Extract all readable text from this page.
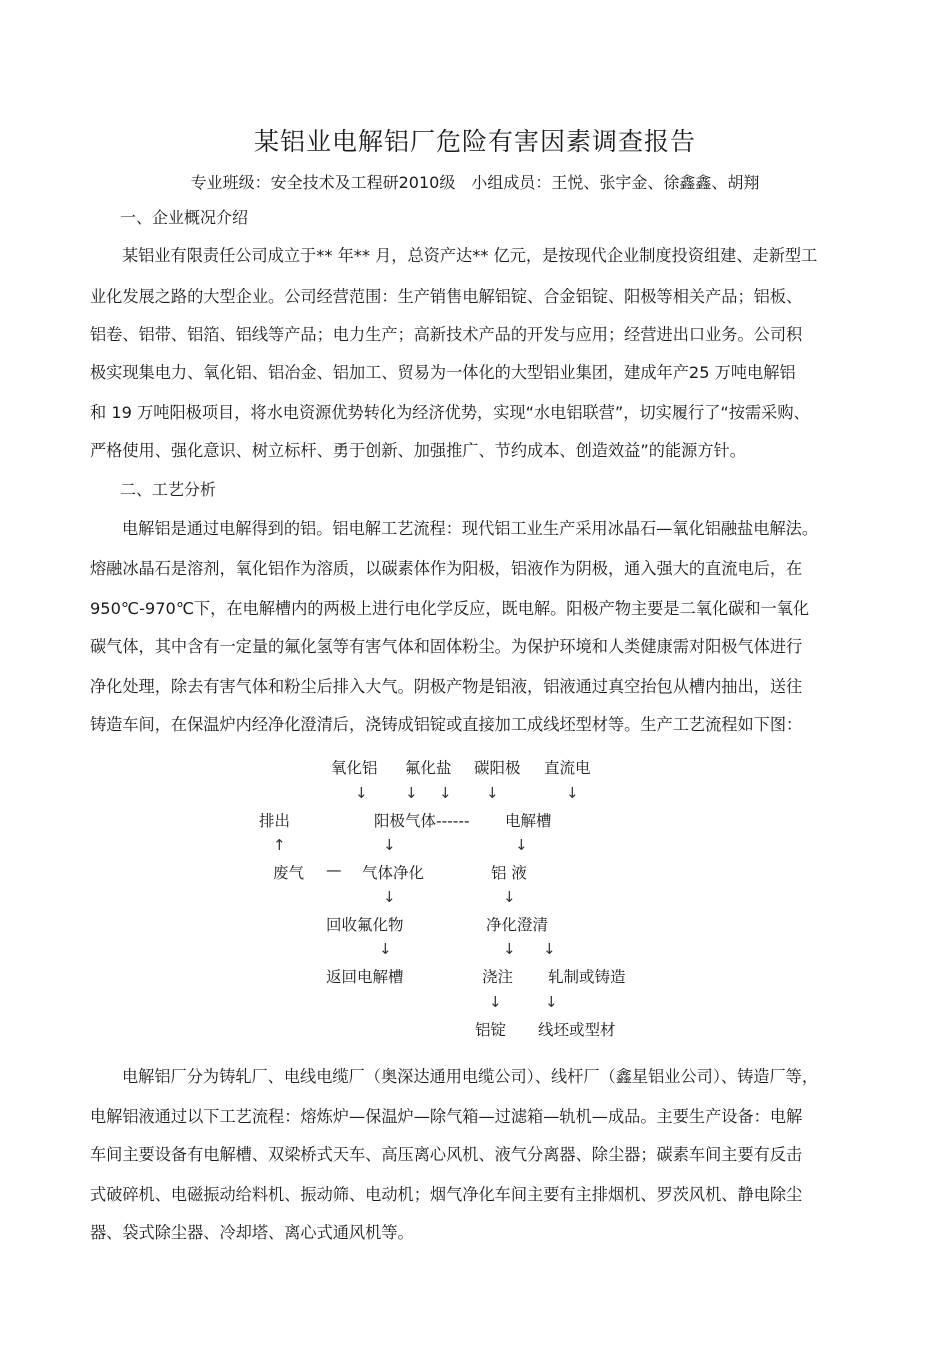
某铝业电解铝厂危险有害因素调查报告
专业班级：安全技术及工程研2010级　小组成员：王悦、张宇金、徐鑫鑫、胡翔
一、企业概况介绍
某铝业有限责任公司成立于** 年** 月，总资产达** 亿元，是按现代企业制度投资组建、走新型工
业化发展之路的大型企业。公司经营范围：生产销售电解铝锭、合金铝锭、阳极等相关产品；铝板、
铝卷、铝带、铝箔、铝线等产品；电力生产；高新技术产品的开发与应用；经营进出口业务。公司积
极实现集电力、氧化铝、铝冶金、铝加工、贸易为一体化的大型铝业集团，建成年产25 万吨电解铝
和 19 万吨阳极项目，将水电资源优势转化为经济优势，实现“水电铝联营”，切实履行了“按需采购、
严格使用、强化意识、树立标杆、勇于创新、加强推广、节约成本、创造效益”的能源方针。
二、工艺分析
电解铝是通过电解得到的铝。铝电解工艺流程：现代铝工业生产采用冰晶石—氧化铝融盐电解法。
熔融冰晶石是溶剂，氧化铝作为溶质，以碳素体作为阳极，铝液作为阴极，通入强大的直流电后，在
950℃-970℃下，在电解槽内的两极上进行电化学反应，既电解。阳极产物主要是二氧化碳和一氧化
碳气体，其中含有一定量的氟化氢等有害气体和固体粉尘。为保护环境和人类健康需对阳极气体进行
净化处理，除去有害气体和粉尘后排入大气。阴极产物是铝液，铝液通过真空抬包从槽内抽出，送往
铸造车间，在保温炉内经净化澄清后，浇铸成铝锭或直接加工成线坯型材等。生产工艺流程如下图：
氧化铝 氟化盐 碳阳极 直流电
↓ ↓ ↓ ↓	↓
排出	阳极气体------ 电解槽
↑	↓	↓
废气 — 气体净化	铝 液
↓	↓
回收氟化物	净化澄清
↓	↓ ↓
返回电解槽	浇注 轧制或铸造
↓	↓
铝锭 线坯或型材
电解铝厂分为铸轧厂、电线电缆厂（奥深达通用电缆公司）、线杆厂（鑫星铝业公司）、铸造厂等，
电解铝液通过以下工艺流程：熔炼炉—保温炉—除气箱—过滤箱—轨机—成品。主要生产设备：电解
车间主要设备有电解槽、双梁桥式天车、高压离心风机、液气分离器、除尘器；碳素车间主要有反击
式破碎机、电磁振动给料机、振动筛、电动机；烟气净化车间主要有主排烟机、罗茨风机、静电除尘
器、袋式除尘器、冷却塔、离心式通风机等。
